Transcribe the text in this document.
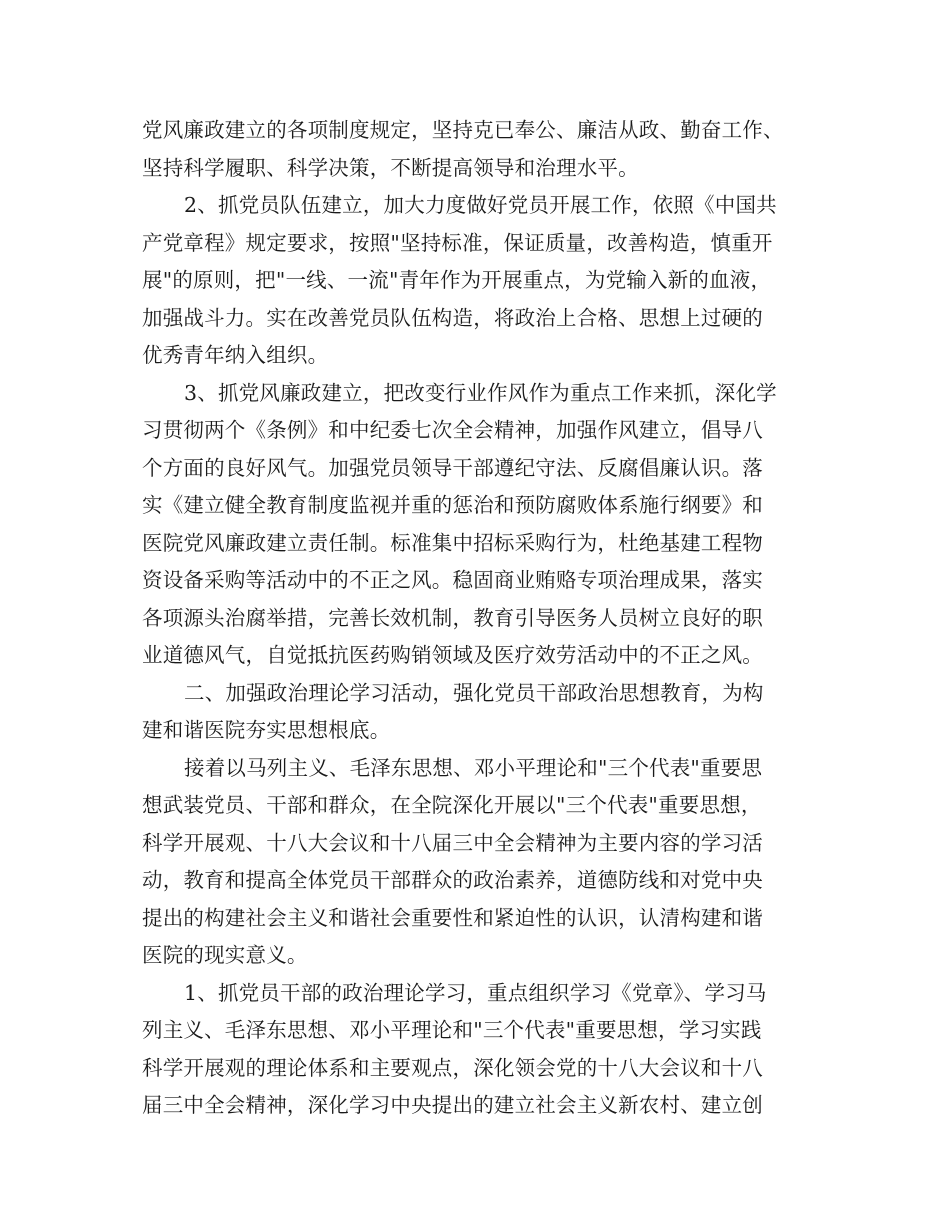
党风廉政建立的各项制度规定，坚持克已奉公、廉洁从政、勤奋工作、
坚持科学履职、科学决策，不断提高领导和治理水平。
2、抓党员队伍建立，加大力度做好党员开展工作，依照《中国共
产党章程》规定要求，按照"坚持标准，保证质量，改善构造，慎重开
展"的原则，把"一线、一流"青年作为开展重点，为党输入新的血液，
加强战斗力。实在改善党员队伍构造，将政治上合格、思想上过硬的
优秀青年纳入组织。
3、抓党风廉政建立，把改变行业作风作为重点工作来抓，深化学
习贯彻两个《条例》和中纪委七次全会精神，加强作风建立，倡导八
个方面的良好风气。加强党员领导干部遵纪守法、反腐倡廉认识。落
实《建立健全教育制度监视并重的惩治和预防腐败体系施行纲要》和
医院党风廉政建立责任制。标准集中招标采购行为，杜绝基建工程物
资设备采购等活动中的不正之风。稳固商业贿赂专项治理成果，落实
各项源头治腐举措，完善长效机制，教育引导医务人员树立良好的职
业道德风气，自觉抵抗医药购销领域及医疗效劳活动中的不正之风。
二、加强政治理论学习活动，强化党员干部政治思想教育，为构
建和谐医院夯实思想根底。
接着以马列主义、毛泽东思想、邓小平理论和"三个代表"重要思
想武装党员、干部和群众，在全院深化开展以"三个代表"重要思想，
科学开展观、十八大会议和十八届三中全会精神为主要内容的学习活
动，教育和提高全体党员干部群众的政治素养，道德防线和对党中央
提出的构建社会主义和谐社会重要性和紧迫性的认识，认清构建和谐
医院的现实意义。
1、抓党员干部的政治理论学习，重点组织学习《党章》、学习马
列主义、毛泽东思想、邓小平理论和"三个代表"重要思想，学习实践
科学开展观的理论体系和主要观点，深化领会党的十八大会议和十八
届三中全会精神，深化学习中央提出的建立社会主义新农村、建立创
